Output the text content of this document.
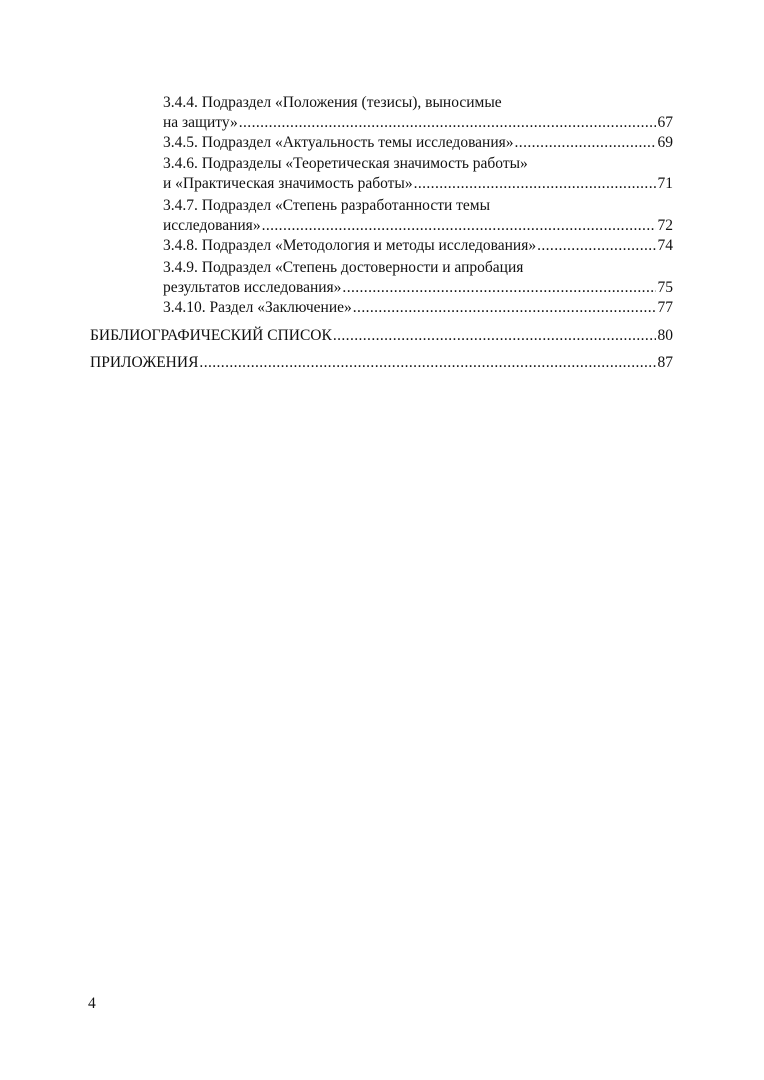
3.4.4. Подраздел «Положения (тезисы), выносимые
на защиту» .....	67
3.4.5. Подраздел «Актуальность темы исследования» .....	69
3.4.6. Подразделы «Теоретическая значимость работы»
и «Практическая значимость работы» .....	71
3.4.7. Подраздел «Степень разработанности темы
исследования» .....	72
3.4.8. Подраздел «Методология и методы исследования» .....	74
3.4.9. Подраздел «Степень достоверности и апробация
результатов исследования» .....	75
3.4.10. Раздел «Заключение» .....	77
БИБЛИОГРАФИЧЕСКИЙ СПИСОК .....	80
ПРИЛОЖЕНИЯ .....	87
4
